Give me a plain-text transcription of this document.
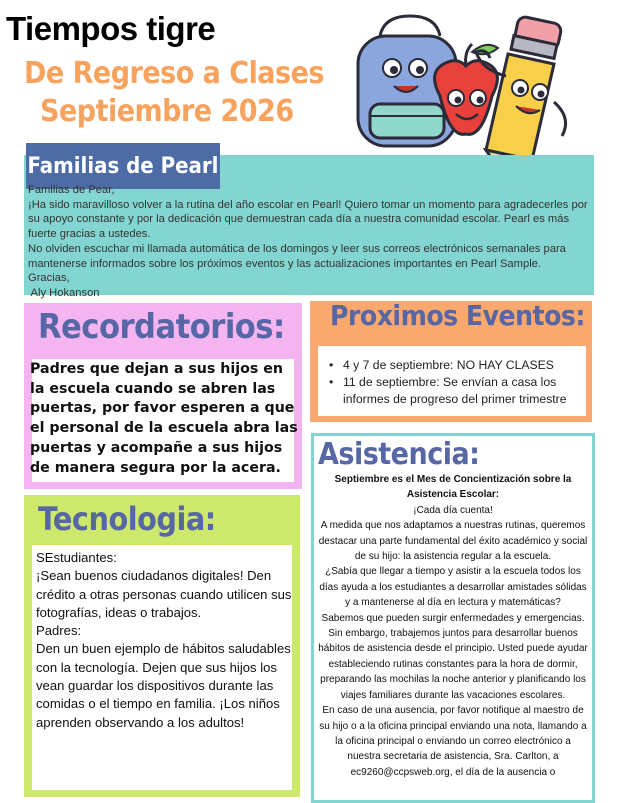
Tiempos tigre
De Regreso a Clases
Septiembre 2026
Familias de Pearl
Familias de Pear,
¡Ha sido maravilloso volver a la rutina del año escolar en Pearl! Quiero tomar un momento para agradecerles por su apoyo constante y por la dedicación que demuestran cada día a nuestra comunidad escolar. Pearl es más fuerte gracias a ustedes.
No olviden escuchar mi llamada automática de los domingos y leer sus correos electrónicos semanales para mantenerse informados sobre los próximos eventos y las actualizaciones importantes en Pearl Sample.
Gracias,
Aly Hokanson
Recordatorios:
Padres que dejan a sus hijos en la escuela cuando se abren las puertas, por favor esperen a que el personal de la escuela abra las puertas y acompañe a sus hijos de manera segura por la acera.
Tecnologia:
SEstudiantes:
¡Sean buenos ciudadanos digitales! Den crédito a otras personas cuando utilicen sus fotografías, ideas o trabajos.
Padres:
Den un buen ejemplo de hábitos saludables con la tecnología. Dejen que sus hijos los vean guardar los dispositivos durante las comidas o el tiempo en familia. ¡Los niños aprenden observando a los adultos!
Proximos Eventos:
• 4 y 7 de septiembre: NO HAY CLASES
• 11 de septiembre: Se envían a casa los informes de progreso del primer trimestre
Asistencia:
Septiembre es el Mes de Concientización sobre la Asistencia Escolar:
¡Cada día cuenta!
A medida que nos adaptamos a nuestras rutinas, queremos destacar una parte fundamental del éxito académico y social de su hijo: la asistencia regular a la escuela.
¿Sabía que llegar a tiempo y asistir a la escuela todos los días ayuda a los estudiantes a desarrollar amistades sólidas y a mantenerse al día en lectura y matemáticas?
Sabemos que pueden surgir enfermedades y emergencias. Sin embargo, trabajemos juntos para desarrollar buenos hábitos de asistencia desde el principio. Usted puede ayudar estableciendo rutinas constantes para la hora de dormir, preparando las mochilas la noche anterior y planificando los viajes familiares durante las vacaciones escolares.
En caso de una ausencia, por favor notifique al maestro de su hijo o a la oficina principal enviando una nota, llamando a la oficina principal o enviando un correo electrónico a nuestra secretaria de asistencia, Sra. Carlton, a ec9260@ccpsweb.org, el día de la ausencia o
